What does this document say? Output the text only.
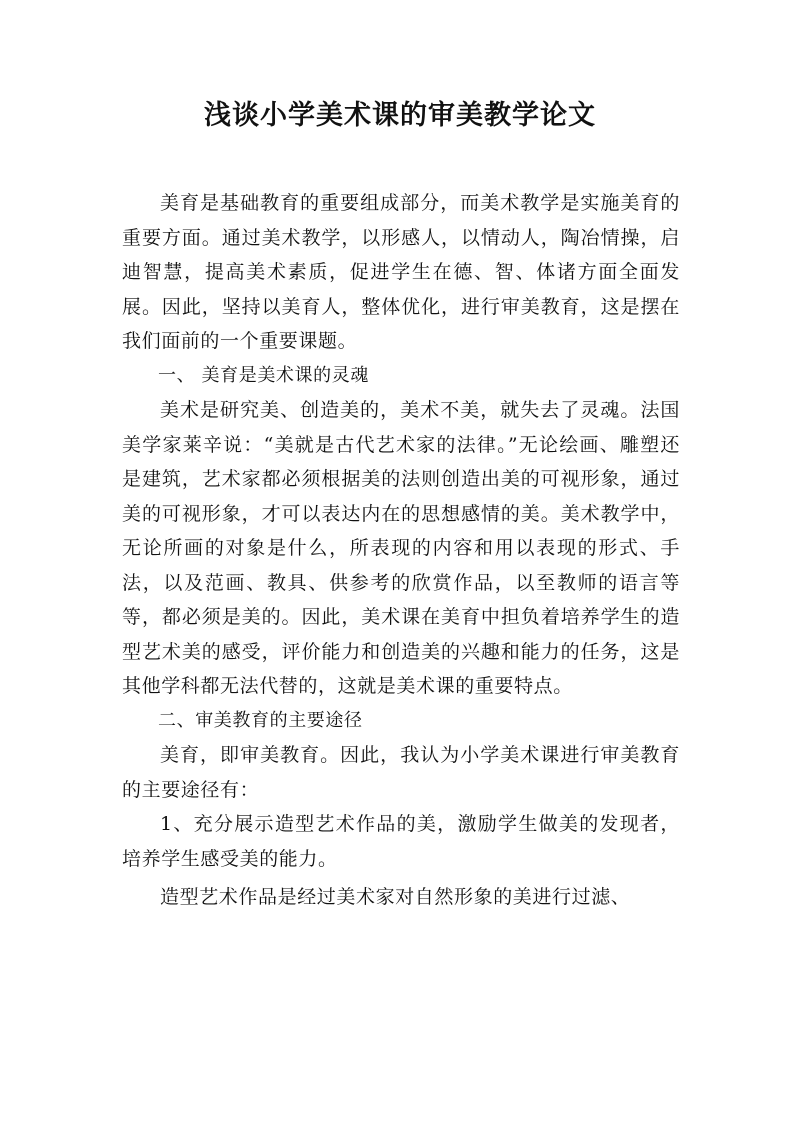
浅谈小学美术课的审美教学论文

美育是基础教育的重要组成部分，而美术教学是实施美育的重要方面。通过美术教学，以形感人，以情动人，陶冶情操，启迪智慧，提高美术素质，促进学生在德、智、体诸方面全面发展。因此，坚持以美育人，整体优化，进行审美教育，这是摆在我们面前的一个重要课题。

一、 美育是美术课的灵魂

美术是研究美、创造美的，美术不美，就失去了灵魂。法国美学家莱辛说：“美就是古代艺术家的法律。”无论绘画、雕塑还是建筑，艺术家都必须根据美的法则创造出美的可视形象，通过美的可视形象，才可以表达内在的思想感情的美。美术教学中，无论所画的对象是什么，所表现的内容和用以表现的形式、手法，以及范画、教具、供参考的欣赏作品，以至教师的语言等等，都必须是美的。因此，美术课在美育中担负着培养学生的造型艺术美的感受，评价能力和创造美的兴趣和能力的任务，这是其他学科都无法代替的，这就是美术课的重要特点。

二、审美教育的主要途径

美育，即审美教育。因此，我认为小学美术课进行审美教育的主要途径有：

1、充分展示造型艺术作品的美，激励学生做美的发现者，培养学生感受美的能力。

造型艺术作品是经过美术家对自然形象的美进行过滤、
